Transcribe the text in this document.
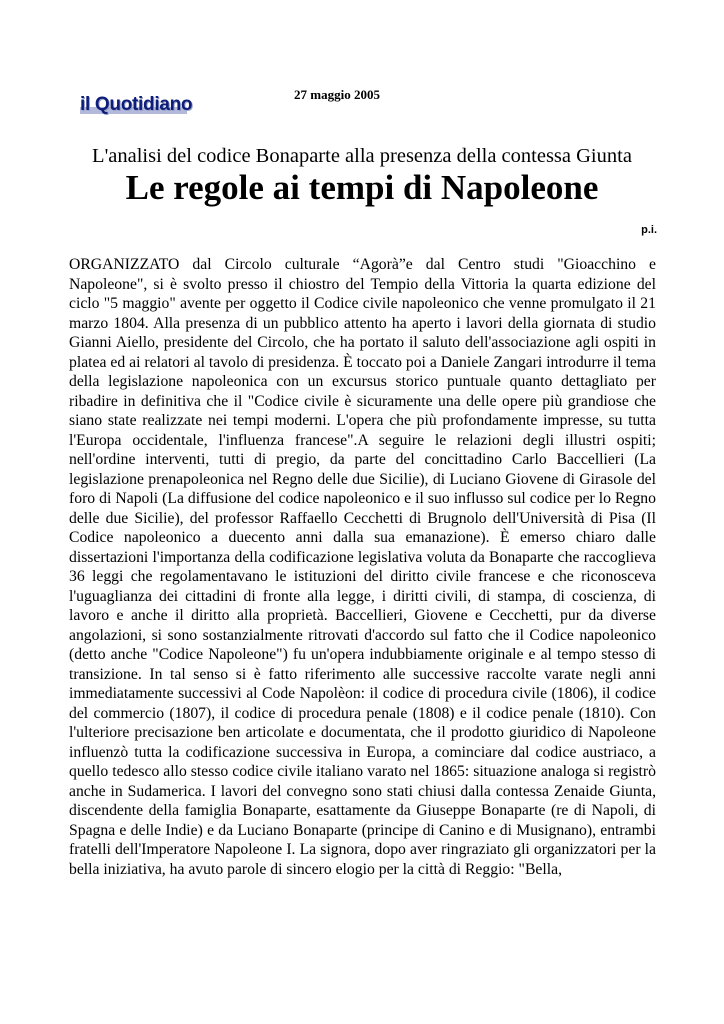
il Quotidiano	27 maggio 2005
L'analisi del codice Bonaparte alla presenza della contessa Giunta
Le regole ai tempi di Napoleone
p.i.

ORGANIZZATO dal Circolo culturale “Agorà”e dal Centro studi "Gioacchino e Napoleone", si è svolto presso il chiostro del Tempio della Vittoria la quarta edizione del ciclo "5 maggio" avente per oggetto il Codice civile napoleonico che venne promulgato il 21 marzo 1804. Alla presenza di un pubblico attento ha aperto i lavori della giornata di studio Gianni Aiello, presidente del Circolo, che ha portato il saluto dell'associazione agli ospiti in platea ed ai relatori al tavolo di presidenza. È toccato poi a Daniele Zangari introdurre il tema della legislazione napoleonica con un excursus storico puntuale quanto dettagliato per ribadire in definitiva che il "Codice civile è sicuramente una delle opere più grandiose che siano state realizzate nei tempi moderni. L'opera che più profondamente impresse, su tutta l'Europa occidentale, l'influenza francese".A seguire le relazioni degli illustri ospiti; nell'ordine interventi, tutti di pregio, da parte del concittadino Carlo Baccellieri (La legislazione prenapoleonica nel Regno delle due Sicilie), di Luciano Giovene di Girasole del foro di Napoli (La diffusione del codice napoleonico e il suo influsso sul codice per lo Regno delle due Sicilie), del professor Raffaello Cecchetti di Brugnolo dell'Università di Pisa (Il Codice napoleonico a duecento anni dalla sua emanazione). È emerso chiaro dalle dissertazioni l'importanza della codificazione legislativa voluta da Bonaparte che raccoglieva 36 leggi che regolamentavano le istituzioni del diritto civile francese e che riconosceva l'uguaglianza dei cittadini di fronte alla legge, i diritti civili, di stampa, di coscienza, di lavoro e anche il diritto alla proprietà. Baccellieri, Giovene e Cecchetti, pur da diverse angolazioni, si sono sostanzialmente ritrovati d'accordo sul fatto che il Codice napoleonico (detto anche "Codice Napoleone") fu un'opera indubbiamente originale e al tempo stesso di transizione. In tal senso si è fatto riferimento alle successive raccolte varate negli anni immediatamente successivi al Code Napolèon: il codice di procedura civile (1806), il codice del commercio (1807), il codice di procedura penale (1808) e il codice penale (1810). Con l'ulteriore precisazione ben articolate e documentata, che il prodotto giuridico di Napoleone influenzò tutta la codificazione successiva in Europa, a cominciare dal codice austriaco, a quello tedesco allo stesso codice civile italiano varato nel 1865: situazione analoga si registrò anche in Sudamerica. I lavori del convegno sono stati chiusi dalla contessa Zenaide Giunta, discendente della famiglia Bonaparte, esattamente da Giuseppe Bonaparte (re di Napoli, di Spagna e delle Indie) e da Luciano Bonaparte (principe di Canino e di Musignano), entrambi fratelli dell'Imperatore Napoleone I. La signora, dopo aver ringraziato gli organizzatori per la bella iniziativa, ha avuto parole di sincero elogio per la città di Reggio: "Bella,
